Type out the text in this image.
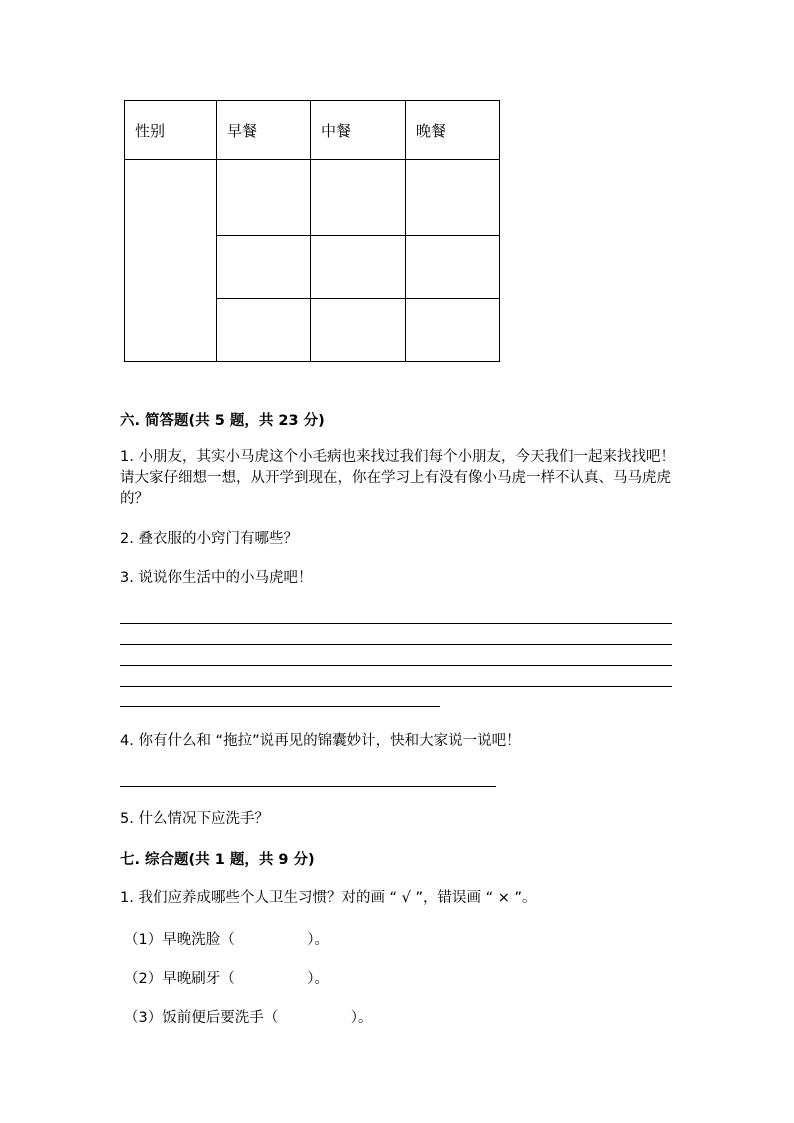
性别	早餐	中餐	晚餐

六. 简答题(共 5 题，共 23 分)
1. 小朋友，其实小马虎这个小毛病也来找过我们每个小朋友，今天我们一起来找找吧！请大家仔细想一想，从开学到现在，你在学习上有没有像小马虎一样不认真、马马虎虎的？
2. 叠衣服的小窍门有哪些？
3. 说说你生活中的小马虎吧！
4. 你有什么和 “拖拉”说再见的锦囊妙计，快和大家说一说吧！
5. 什么情况下应洗手？
七. 综合题(共 1 题，共 9 分)
1. 我们应养成哪些个人卫生习惯？对的画 “ √ ”，错误画 “ × ”。
（1）早晚洗脸（　　　　　）。
（2）早晚刷牙（　　　　　）。
（3）饭前便后要洗手（　　　　　）。
